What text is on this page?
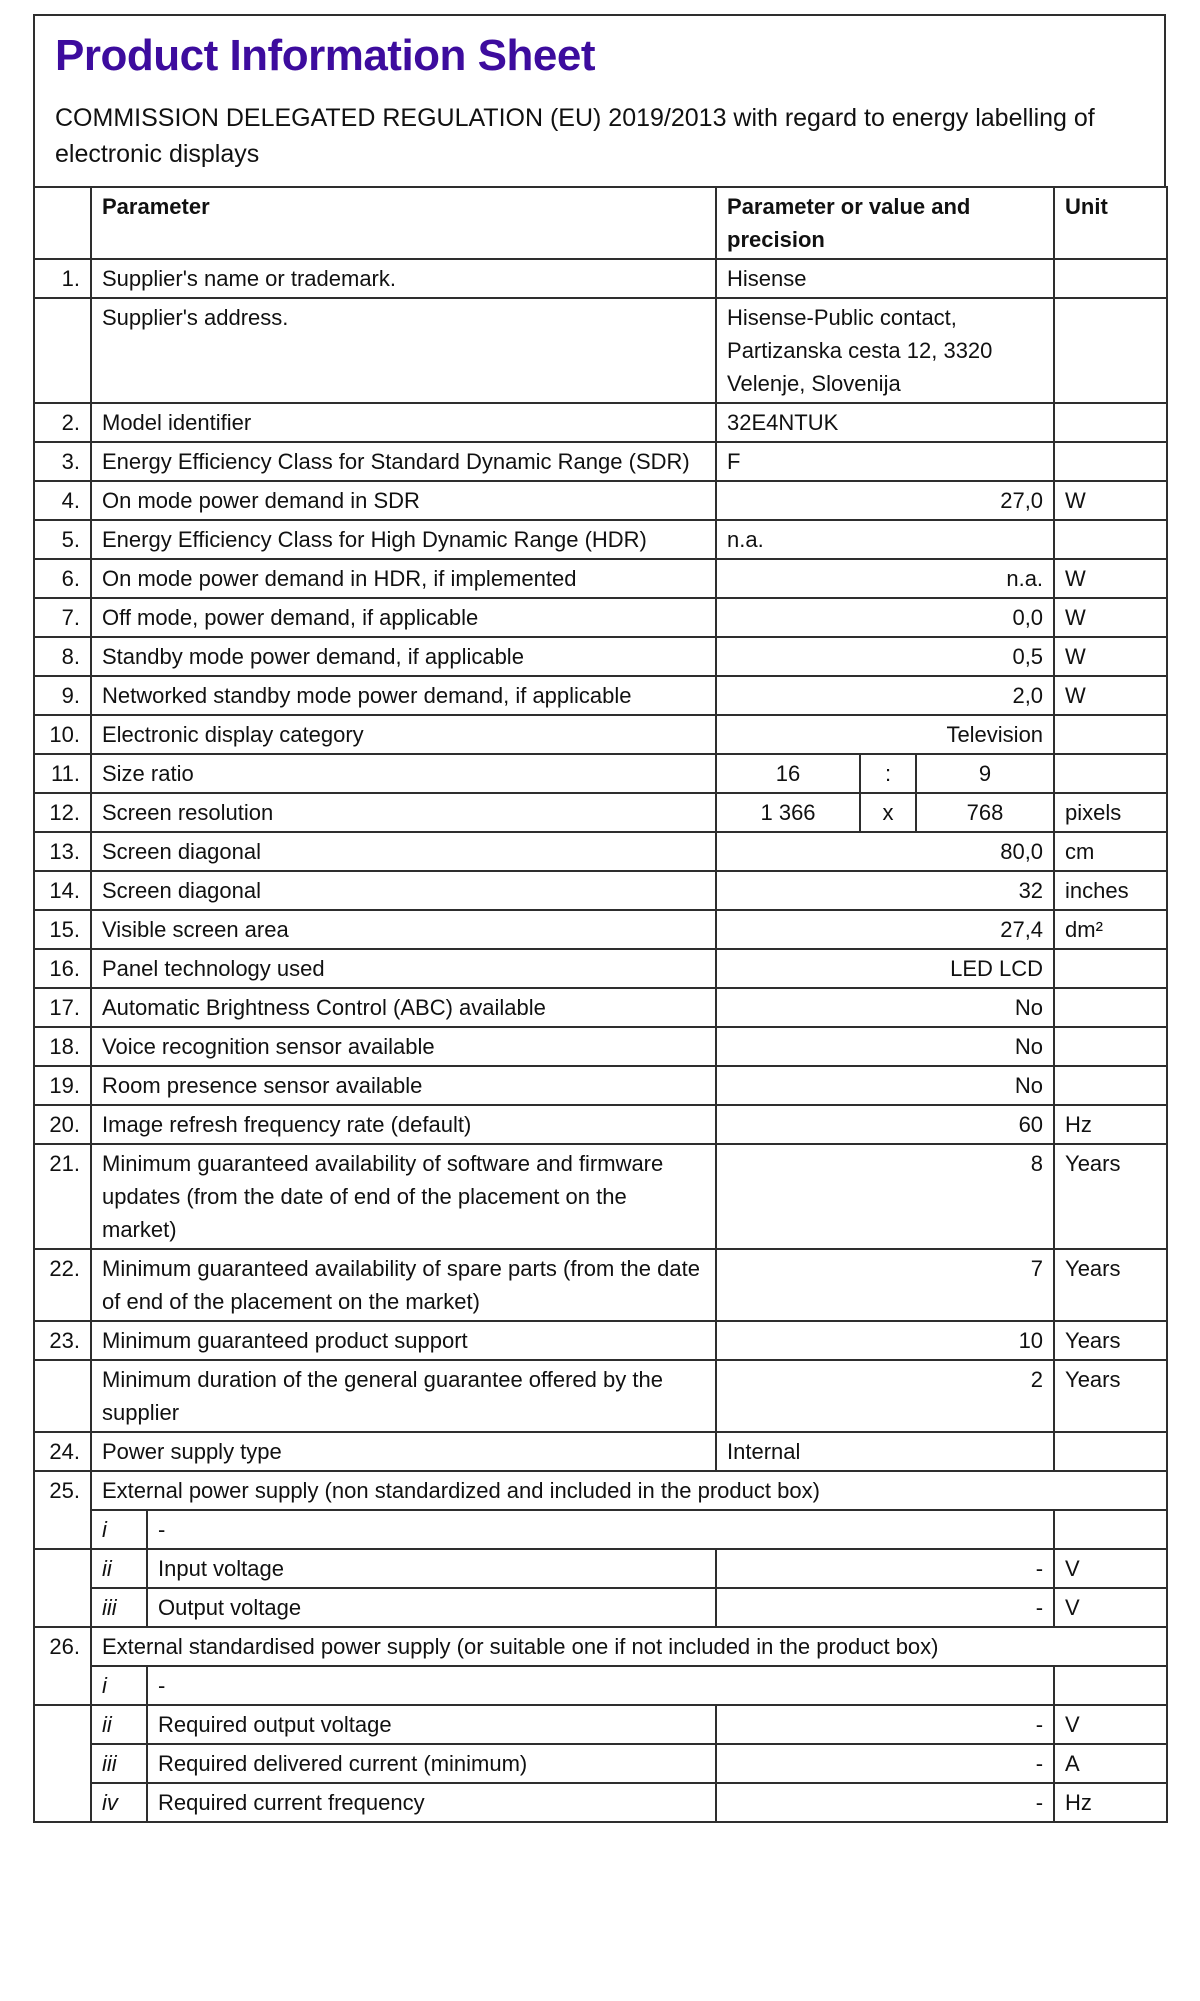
Product Information Sheet

COMMISSION DELEGATED REGULATION (EU) 2019/2013 with regard to energy labelling of electronic displays

	Parameter		Parameter or value and precision			Unit
1.	Supplier's name or trademark.		Hisense			
	Supplier's address.		Hisense-Public contact, Partizanska cesta 12, 3320 Velenje, Slovenija			
2.	Model identifier		32E4NTUK			
3.	Energy Efficiency Class for Standard Dynamic Range (SDR)		F			
4.	On mode power demand in SDR		27,0			W
5.	Energy Efficiency Class for High Dynamic Range (HDR)		n.a.			
6.	On mode power demand in HDR, if implemented		n.a.			W
7.	Off mode, power demand, if applicable		0,0			W
8.	Standby mode power demand, if applicable		0,5			W
9.	Networked standby mode power demand, if applicable		2,0			W
10.	Electronic display category		Television			
11.	Size ratio		16	:	9	
12.	Screen resolution		1 366	x	768	pixels
13.	Screen diagonal		80,0			cm
14.	Screen diagonal		32			inches
15.	Visible screen area		27,4			dm²
16.	Panel technology used		LED LCD			
17.	Automatic Brightness Control (ABC) available		No			
18.	Voice recognition sensor available		No			
19.	Room presence sensor available		No			
20.	Image refresh frequency rate (default)		60			Hz
21.	Minimum guaranteed availability of software and firmware updates (from the date of end of the placement on the market)		8			Years
22.	Minimum guaranteed availability of spare parts (from the date of end of the placement on the market)		7			Years
23.	Minimum guaranteed product support		10			Years
	Minimum duration of the general guarantee offered by the supplier		2			Years
24.	Power supply type		Internal			
25.	External power supply (non standardized and included in the product box)					
	i	-				
	ii	Input voltage	-			V
	iii	Output voltage	-			V
26.	External standardised power supply (or suitable one if not included in the product box)					
	i	-				
	ii	Required output voltage	-			V
	iii	Required delivered current (minimum)	-			A
	iv	Required current frequency	-			Hz
